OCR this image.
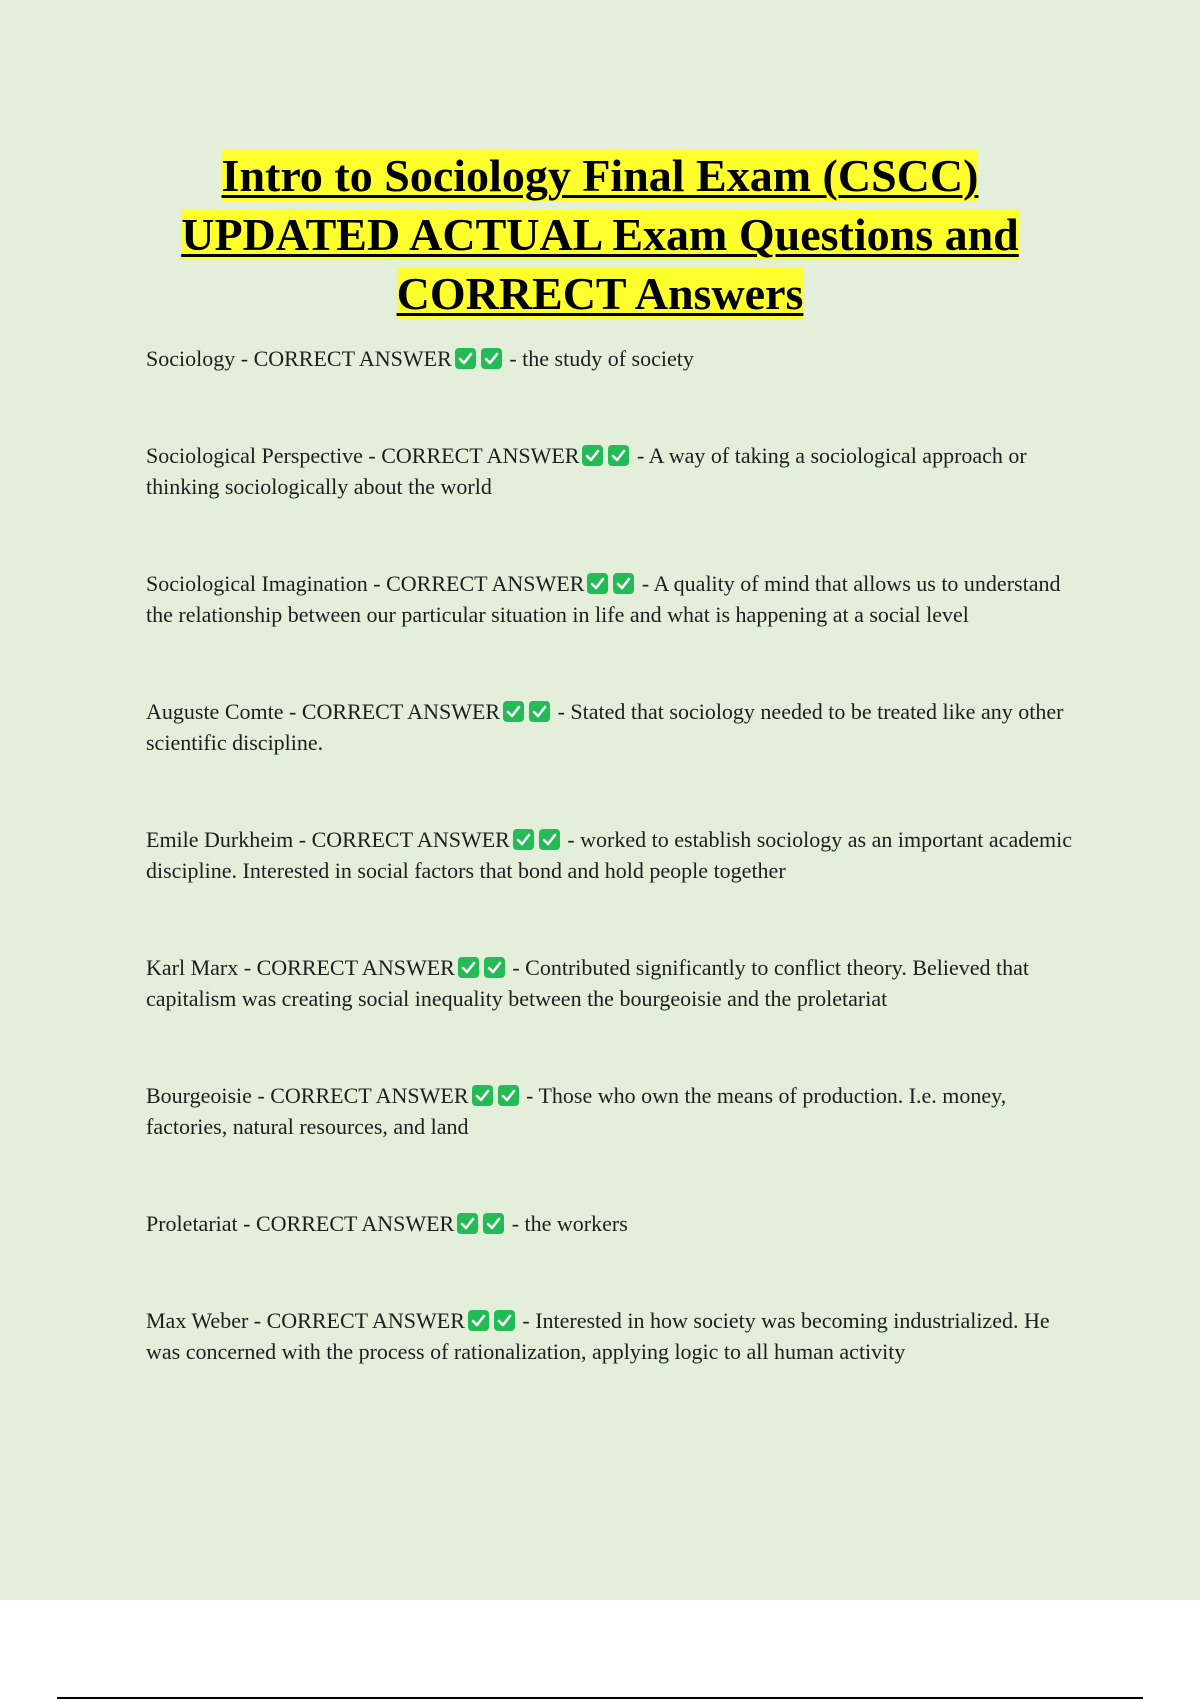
Intro to Sociology Final Exam (CSCC)
UPDATED ACTUAL Exam Questions and
CORRECT Answers

Sociology - CORRECT ANSWER
- the study of society

Sociological Perspective - CORRECT ANSWER
- A way of taking a sociological approach or thinking sociologically about the world

Sociological Imagination - CORRECT ANSWER
- A quality of mind that allows us to understand the relationship between our particular situation in life and what is happening at a social level

Auguste Comte - CORRECT ANSWER
- Stated that sociology needed to be treated like any other scientific discipline.

Emile Durkheim - CORRECT ANSWER
- worked to establish sociology as an important academic discipline. Interested in social factors that bond and hold people together

Karl Marx - CORRECT ANSWER
- Contributed significantly to conflict theory. Believed that capitalism was creating social inequality between the bourgeoisie and the proletariat

Bourgeoisie - CORRECT ANSWER
- Those who own the means of production. I.e. money, factories, natural resources, and land

Proletariat - CORRECT ANSWER
- the workers

Max Weber - CORRECT ANSWER
- Interested in how society was becoming industrialized. He was concerned with the process of rationalization, applying logic to all human activity
